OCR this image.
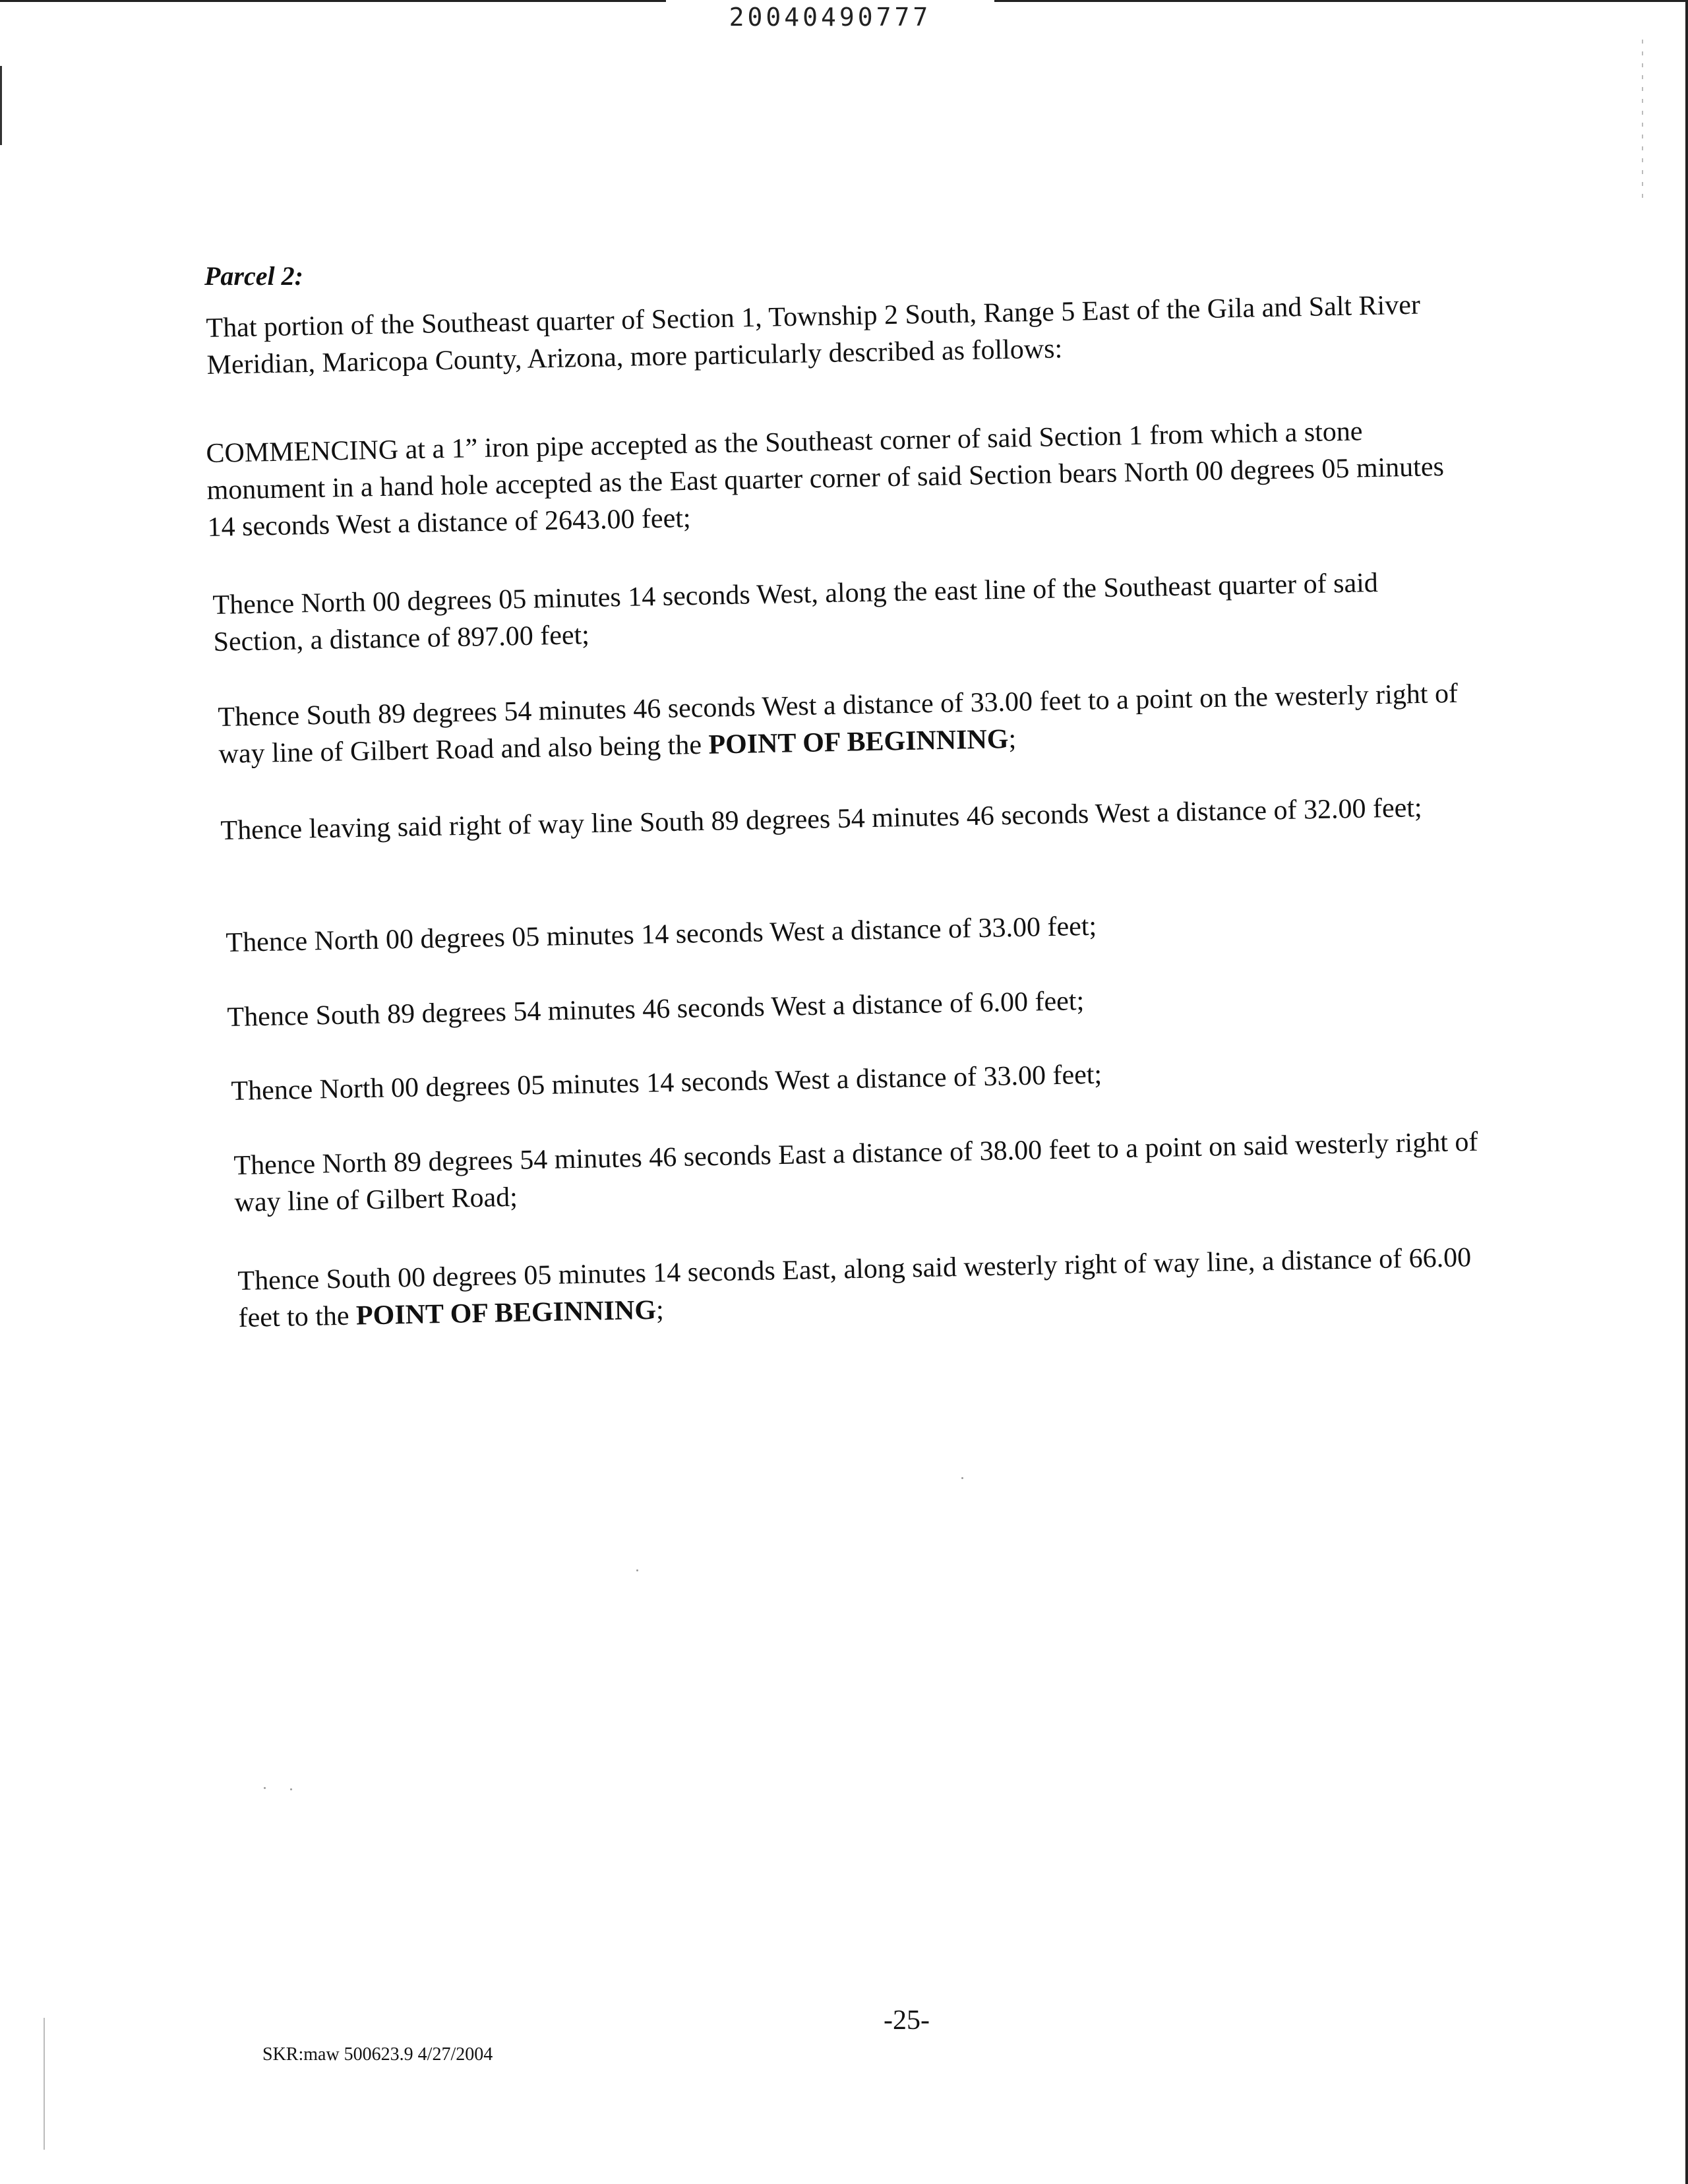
20040490777
Parcel 2:
That portion of the Southeast quarter of Section 1, Township 2 South, Range 5 East of the Gila and Salt River Meridian, Maricopa County, Arizona, more particularly described as follows:
COMMENCING at a 1” iron pipe accepted as the Southeast corner of said Section 1 from which a stone monument in a hand hole accepted as the East quarter corner of said Section bears North 00 degrees 05 minutes 14 seconds West a distance of 2643.00 feet;
Thence North 00 degrees 05 minutes 14 seconds West, along the east line of the Southeast quarter of said Section, a distance of 897.00 feet;
Thence South 89 degrees 54 minutes 46 seconds West a distance of 33.00 feet to a point on the westerly right of way line of Gilbert Road and also being the POINT OF BEGINNING;
Thence leaving said right of way line South 89 degrees 54 minutes 46 seconds West a distance of 32.00 feet;
Thence North 00 degrees 05 minutes 14 seconds West a distance of 33.00 feet;
Thence South 89 degrees 54 minutes 46 seconds West a distance of 6.00 feet;
Thence North 00 degrees 05 minutes 14 seconds West a distance of 33.00 feet;
Thence North 89 degrees 54 minutes 46 seconds East a distance of 38.00 feet to a point on said westerly right of way line of Gilbert Road;
Thence South 00 degrees 05 minutes 14 seconds East, along said westerly right of way line, a distance of 66.00 feet to the POINT OF BEGINNING;
-25-
SKR:maw 500623.9 4/27/2004
